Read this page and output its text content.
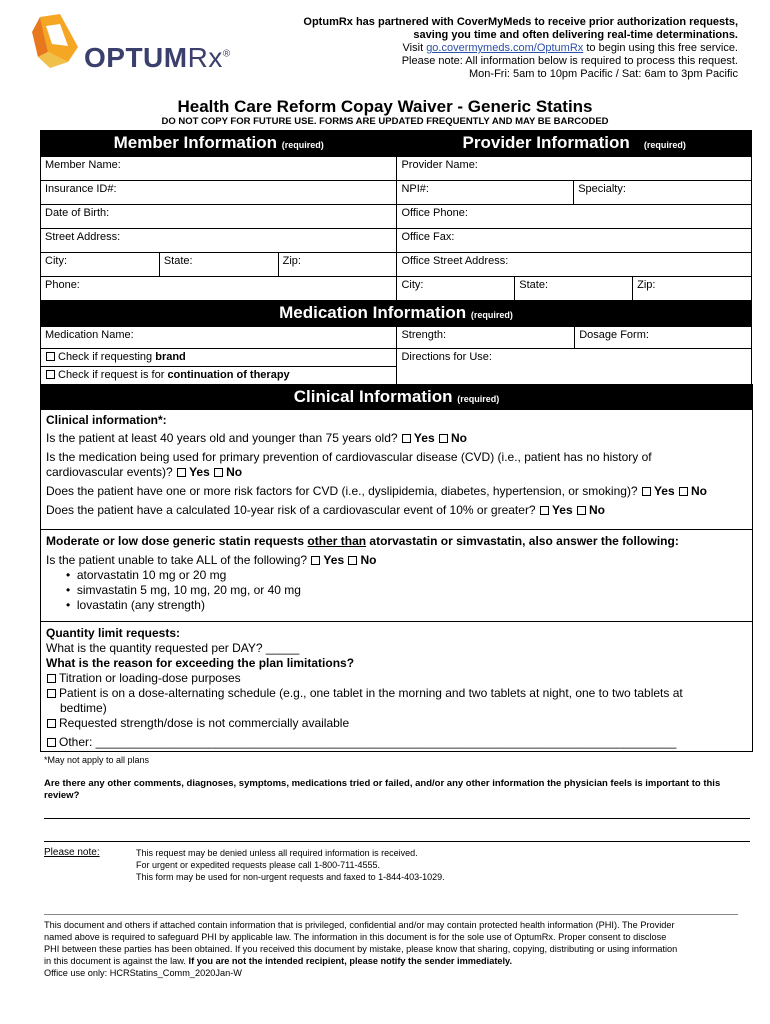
OPTUMRx®
OptumRx has partnered with CoverMyMeds to receive prior authorization requests,
saving you time and often delivering real-time determinations.
Visit go.covermymeds.com/OptumRx to begin using this free service.
Please note: All information below is required to process this request.
Mon-Fri: 5am to 10pm Pacific / Sat: 6am to 3pm Pacific
Health Care Reform Copay Waiver - Generic Statins
DO NOT COPY FOR FUTURE USE. FORMS ARE UPDATED FREQUENTLY AND MAY BE BARCODED
Member Information (required)			Provider Information (required)			
Member Name:			Provider Name:			
Insurance ID#:			NPI#:		Specialty:	
Date of Birth:			Office Phone:			
Street Address:			Office Fax:			
City:	State:	Zip:	Office Street Address:			
Phone:			City:	State:		Zip:
Medication Information (required)		
Medication Name:	Strength:	Dosage Form:
Check if requesting brand	Directions for Use:	
Check if request is for continuation of therapy		
Clinical Information (required)
Clinical information*:
Is the patient at least 40 years old and younger than 75 years old? Yes No
Is the medication being used for primary prevention of cardiovascular disease (CVD) (i.e., patient has no history of
cardiovascular events)? Yes No
Does the patient have one or more risk factors for CVD (i.e., dyslipidemia, diabetes, hypertension, or smoking)? Yes No
Does the patient have a calculated 10-year risk of a cardiovascular event of 10% or greater? Yes No
Moderate or low dose generic statin requests other than atorvastatin or simvastatin, also answer the following:
Is the patient unable to take ALL of the following? Yes No
•  atorvastatin 10 mg or 20 mg
•  simvastatin 5 mg, 10 mg, 20 mg, or 40 mg
•  lovastatin (any strength)
Quantity limit requests:
What is the quantity requested per DAY? _____
What is the reason for exceeding the plan limitations?
Titration or loading-dose purposes
Patient is on a dose-alternating schedule (e.g., one tablet in the morning and two tablets at night, one to two tablets at
bedtime)
Requested strength/dose is not commercially available
Other: _______________________________________________________________________________________
*May not apply to all plans
Are there any other comments, diagnoses, symptoms, medications tried or failed, and/or any other information the physician feels is important to this review?
Please note:	This request may be denied unless all required information is received.
For urgent or expedited requests please call 1-800-711-4555.
This form may be used for non-urgent requests and faxed to 1-844-403-1029.
This document and others if attached contain information that is privileged, confidential and/or may contain protected health information (PHI). The Provider
named above is required to safeguard PHI by applicable law. The information in this document is for the sole use of OptumRx. Proper consent to disclose
PHI between these parties has been obtained. If you received this document by mistake, please know that sharing, copying, distributing or using information
in this document is against the law. If you are not the intended recipient, please notify the sender immediately.
Office use only: HCRStatins_Comm_2020Jan-W
